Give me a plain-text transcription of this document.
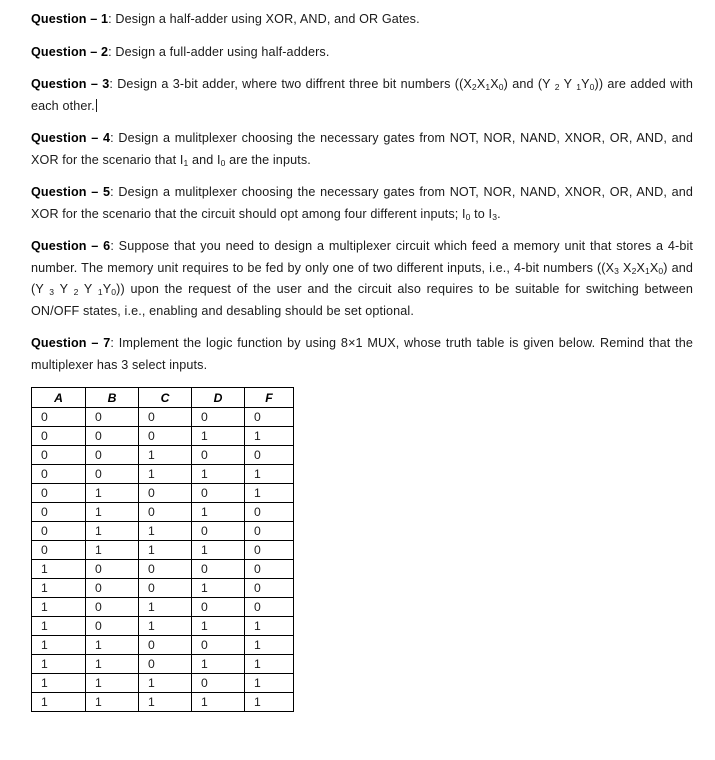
Question – 1: Design a half-adder using XOR, AND, and OR Gates.

Question – 2: Design a full-adder using half-adders.

Question – 3: Design a 3-bit adder, where two diffrent three bit numbers ($(X_2X_1X_0)$ and (Y $_2$ Y $_1Y_0$)) are added with each other.

Question – 4: Design a mulitplexer choosing the necessary gates from NOT, NOR, NAND, XNOR, OR, AND, and XOR for the scenario that $I_1$ and $I_0$ are the inputs.

Question – 5: Design a mulitplexer choosing the necessary gates from NOT, NOR, NAND, XNOR, OR, AND, and XOR for the scenario that the circuit should opt among four different inputs; $I_0$ to $I_3$.

Question – 6: Suppose that you need to design a multiplexer circuit which feed a memory unit that stores a 4-bit number. The memory unit requires to be fed by only one of two different inputs, i.e., 4-bit numbers (($X_3$ $X_2X_1X_0$) and (Y $_3$ Y $_2$ Y $_1Y_0$)) upon the request of the user and the circuit also requires to be suitable for switching between ON/OFF states, i.e., enabling and desabling should be set optional.

Question – 7: Implement the logic function by using 8×1 MUX, whose truth table is given below. Remind that the multiplexer has 3 select inputs.

A	B	C	D	F
0	0	0	0	0
0	0	0	1	1
0	0	1	0	0
0	0	1	1	1
0	1	0	0	1
0	1	0	1	0
0	1	1	0	0
0	1	1	1	0
1	0	0	0	0
1	0	0	1	0
1	0	1	0	0
1	0	1	1	1
1	1	0	0	1
1	1	0	1	1
1	1	1	0	1
1	1	1	1	1
